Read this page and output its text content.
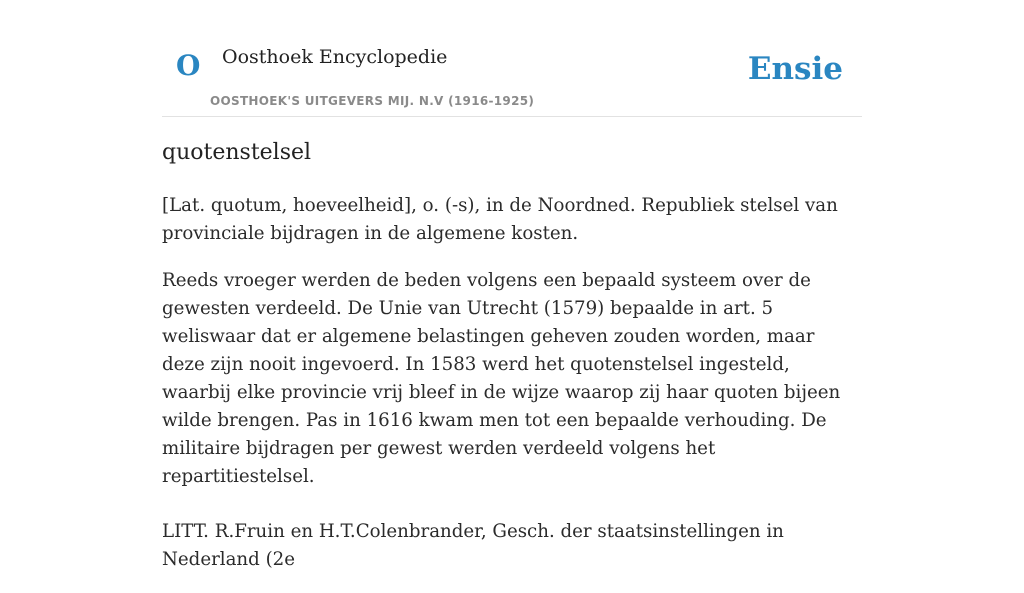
O Oosthoek Encyclopedie
OOSTHOEK'S UITGEVERS MIJ. N.V (1916-1925)
Ensie
quotenstelsel

[Lat. quotum, hoeveelheid], o. (-s), in de Noordned. Republiek stelsel van provinciale bijdragen in de algemene kosten.

Reeds vroeger werden de beden volgens een bepaald systeem over de gewesten verdeeld. De Unie van Utrecht (1579) bepaalde in art. 5 weliswaar dat er algemene belastingen geheven zouden worden, maar deze zijn nooit ingevoerd. In 1583 werd het quotenstelsel ingesteld, waarbij elke provincie vrij bleef in de wijze waarop zij haar quoten bijeen wilde brengen. Pas in 1616 kwam men tot een bepaalde verhouding. De militaire bijdragen per gewest werden verdeeld volgens het repartitiestelsel.

LITT. R.Fruin en H.T.Colenbrander, Gesch. der staatsinstellingen in Nederland (2e
